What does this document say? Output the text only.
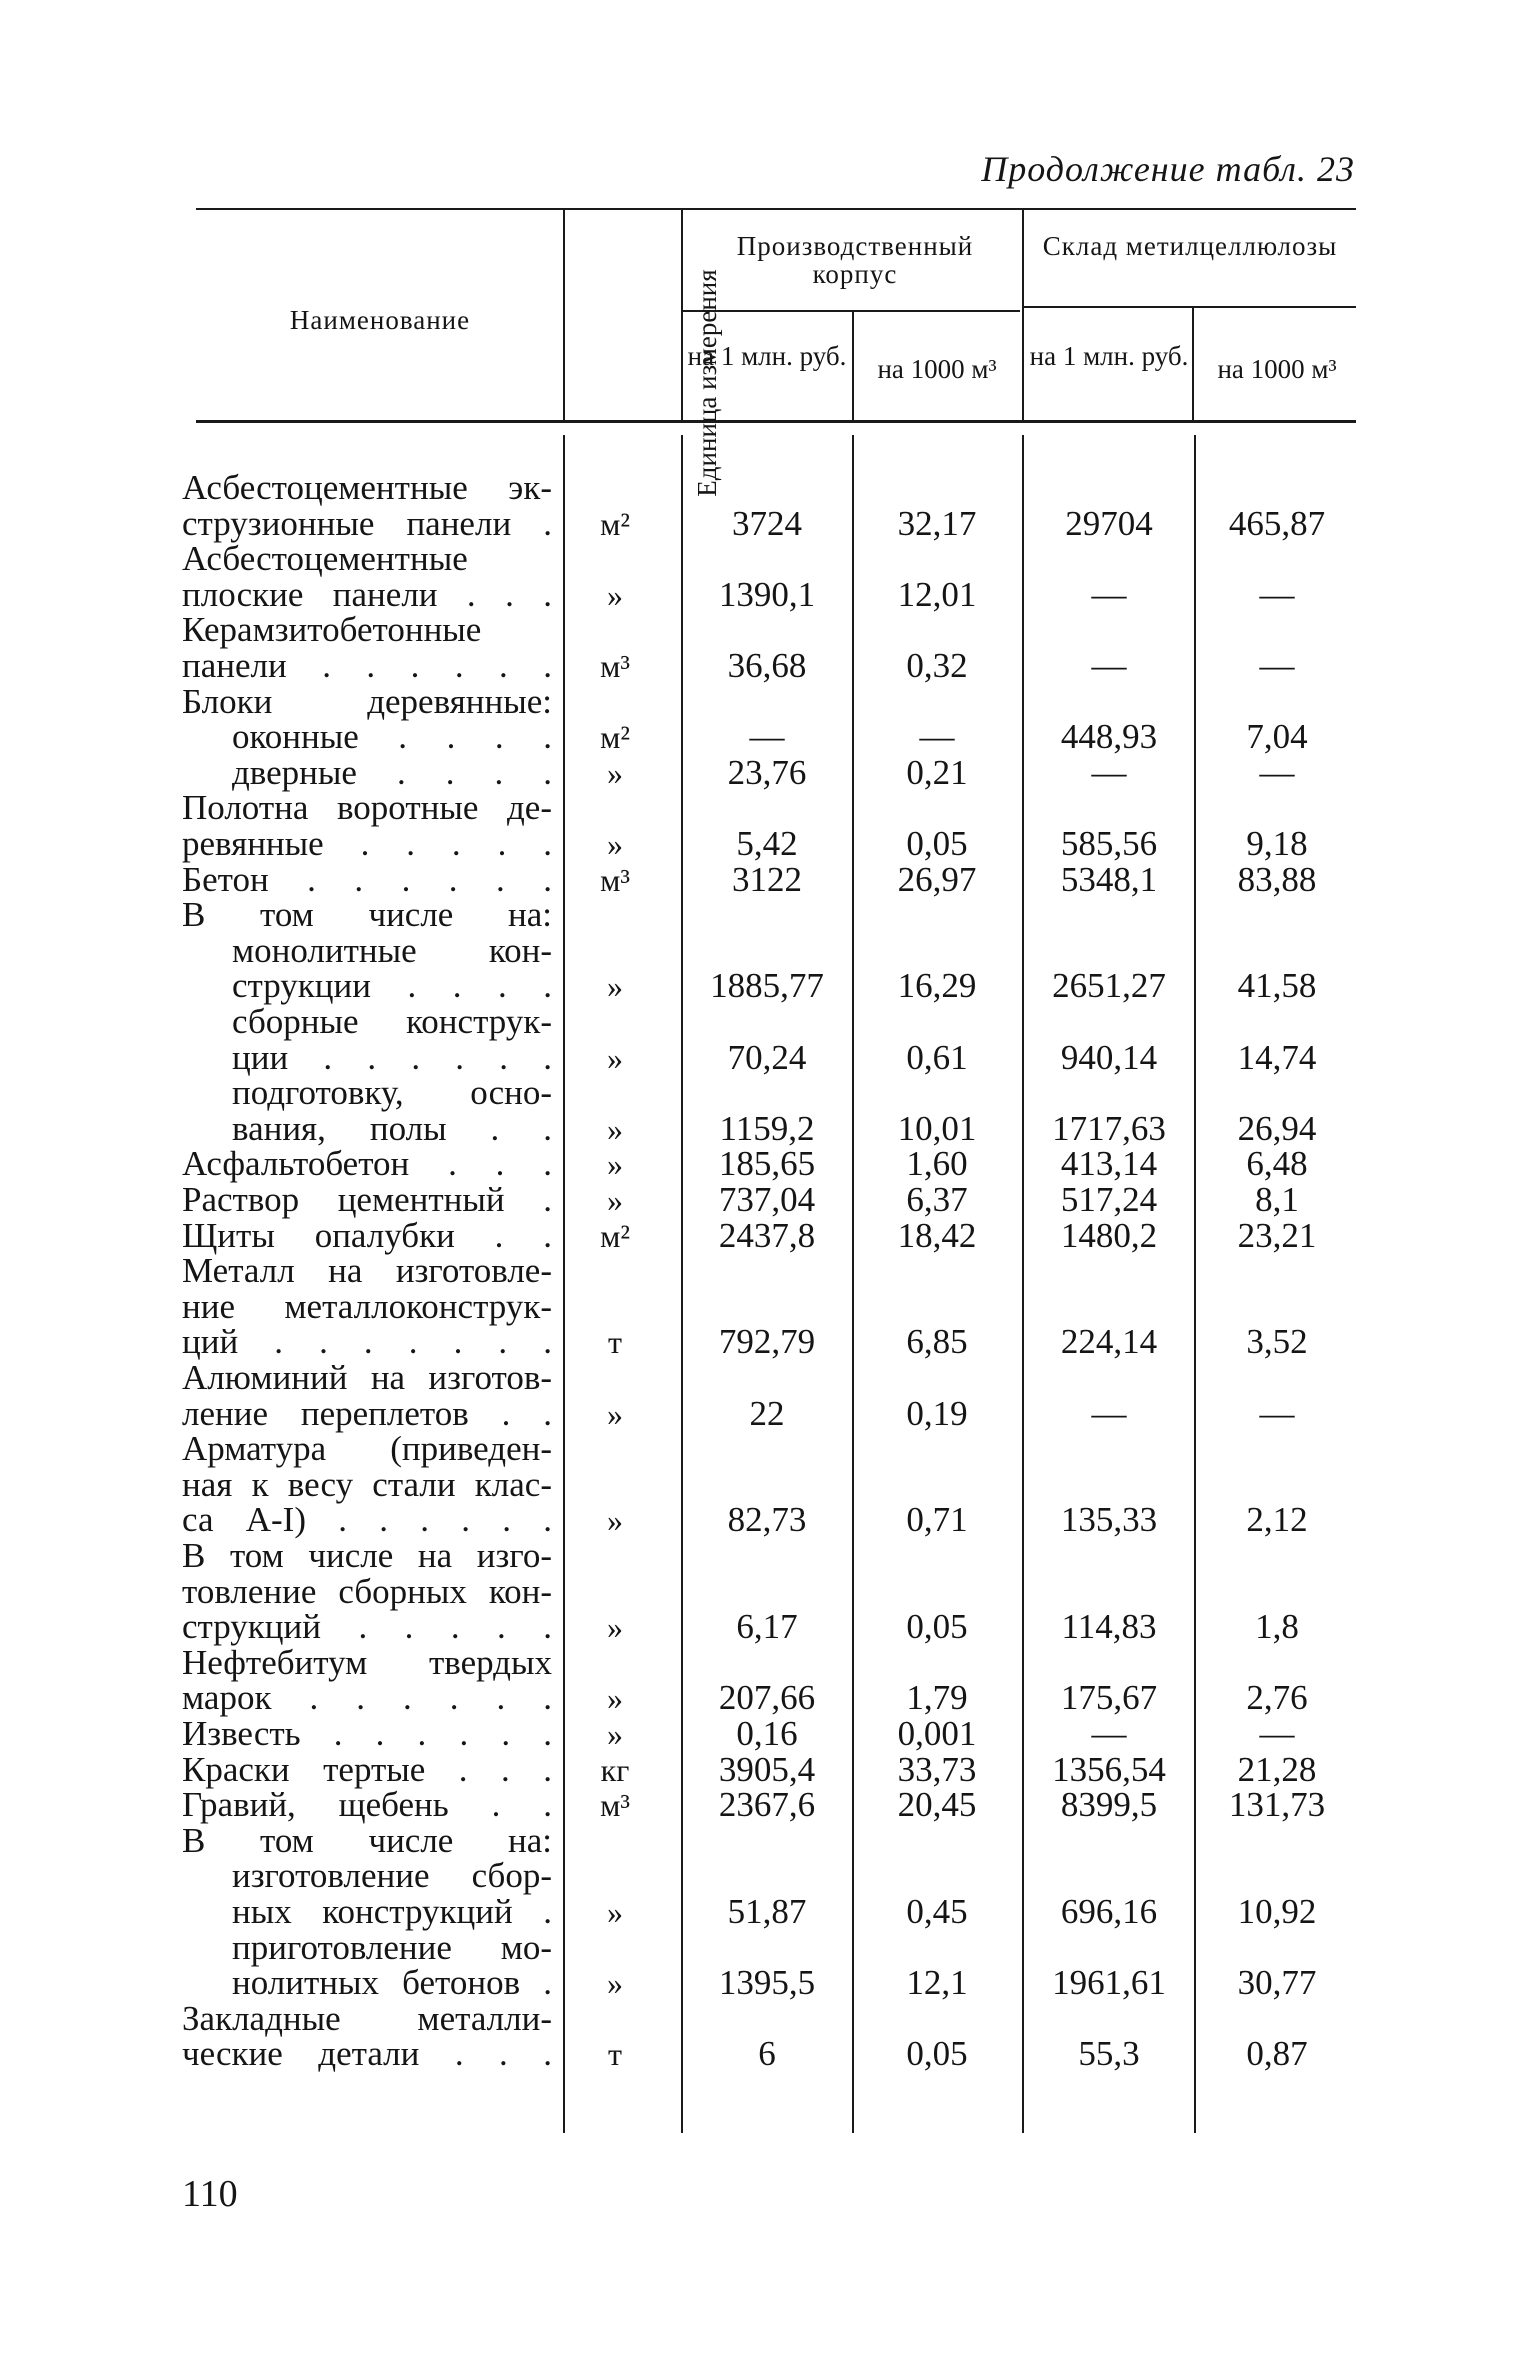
Продолжение табл. 23
Наименование	Единица измерения
Производственный корпус
Склад метилцеллюлозы
на 1 млн. руб.	на 1000 м³	на 1 млн. руб.	на 1000 м³
Асбестоцементные эк-
струзионные панели .	м²	3724	32,17	29704	465,87
Асбестоцементные
плоские панели . . .	»	1390,1	12,01	—	—
Керамзитобетонные
панели . . . . . .	м³	36,68	0,32	—	—
Блоки деревянные:
оконные . . . .	м²	—	—	448,93	7,04
дверные . . . .	»	23,76	0,21	—	—
Полотна воротные де-
ревянные . . . . .	»	5,42	0,05	585,56	9,18
Бетон . . . . . .	м³	3122	26,97	5348,1	83,88
В том числе на:
монолитные кон-
струкции . . . .	»	1885,77	16,29	2651,27	41,58
сборные конструк-
ции . . . . . .	»	70,24	0,61	940,14	14,74
подготовку, осно-
вания, полы . .	»	1159,2	10,01	1717,63	26,94
Асфальтобетон . . .	»	185,65	1,60	413,14	6,48
Раствор цементный .	»	737,04	6,37	517,24	8,1
Щиты опалубки . .	м²	2437,8	18,42	1480,2	23,21
Металл на изготовле-
ние металлоконструк-
ций . . . . . . .	т	792,79	6,85	224,14	3,52
Алюминий на изготов-
ление переплетов . .	»	22	0,19	—	—
Арматура (приведен-
ная к весу стали клас-
са A-I) . . . . . .	»	82,73	0,71	135,33	2,12
В том числе на изго-
товление сборных кон-
струкций . . . . .	»	6,17	0,05	114,83	1,8
Нефтебитум твердых
марок . . . . . .	»	207,66	1,79	175,67	2,76
Известь . . . . . .	»	0,16	0,001	—	—
Краски тертые . . .	кг	3905,4	33,73	1356,54	21,28
Гравий, щебень . .	м³	2367,6	20,45	8399,5	131,73
В том числе на:
изготовление сбор-
ных конструкций .	»	51,87	0,45	696,16	10,92
приготовление мо-
нолитных бетонов .	»	1395,5	12,1	1961,61	30,77
Закладные металли-
ческие детали . . .	т	6	0,05	55,3	0,87
110
